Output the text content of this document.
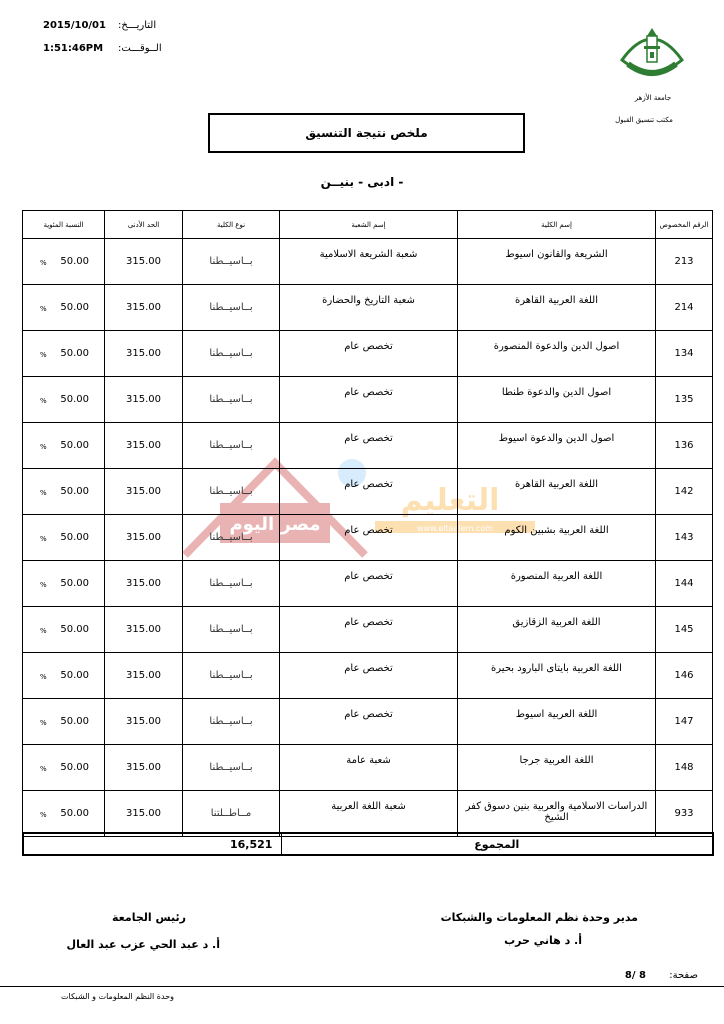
التاريـــخ:
2015/10/01
الــوقـــت:
1:51:46PM
جامعة الأزهر
مكتب تنسيق القبول
ملخص نتيجة التنسيق
- ادبى - بنيــن
مصر اليوم
التعليم
www.eltaalem.com
الرقم المخصوص	إسم الكلية	إسم الشعبة	نوع الكلية	الحد الأدنى	النسبة المئوية
213	الشريعة والقانون اسيوط	شعبة الشريعة الاسلامية	بــاسيــطنا	315.00	% 50.00

214	اللغة العربية القاهرة	شعبة التاريخ والحضارة	بــاسيــطنا	315.00	% 50.00

134	اصول الدين والدعوة المنصورة	تخصص عام	بــاسيــطنا	315.00	% 50.00

135	اصول الدين والدعوة طنطا	تخصص عام	بــاسيــطنا	315.00	% 50.00

136	اصول الدين والدعوة اسيوط	تخصص عام	بــاسيــطنا	315.00	% 50.00

142	اللغة العربية القاهرة	تخصص عام	بــاسيــطنا	315.00	% 50.00

143	اللغة العربية بشبين الكوم	تخصص عام	بــاسيــطنا	315.00	% 50.00

144	اللغة العربية المنصورة	تخصص عام	بــاسيــطنا	315.00	% 50.00

145	اللغة العربية الزقازيق	تخصص عام	بــاسيــطنا	315.00	% 50.00

146	اللغة العربية بايتاى البارود بحيرة	تخصص عام	بــاسيــطنا	315.00	% 50.00

147	اللغة العربية اسيوط	تخصص عام	بــاسيــطنا	315.00	% 50.00

148	اللغة العربية جرجا	شعبة عامة	بــاسيــطنا	315.00	% 50.00

933	الدراسات الاسلامية والعربية بنين دسوق كفر الشيخ	شعبة اللغة العربية	مــاطــلتنا	315.00	% 50.00
المجموع	16,521
مدير وحدة نظم المعلومات والشبكات
أ. د هاني حرب
رئيس الجامعة
أ. د عبد الحي عزب عبد العال
صفحة:
8 /8
وحدة النظم المعلومات و الشبكات
